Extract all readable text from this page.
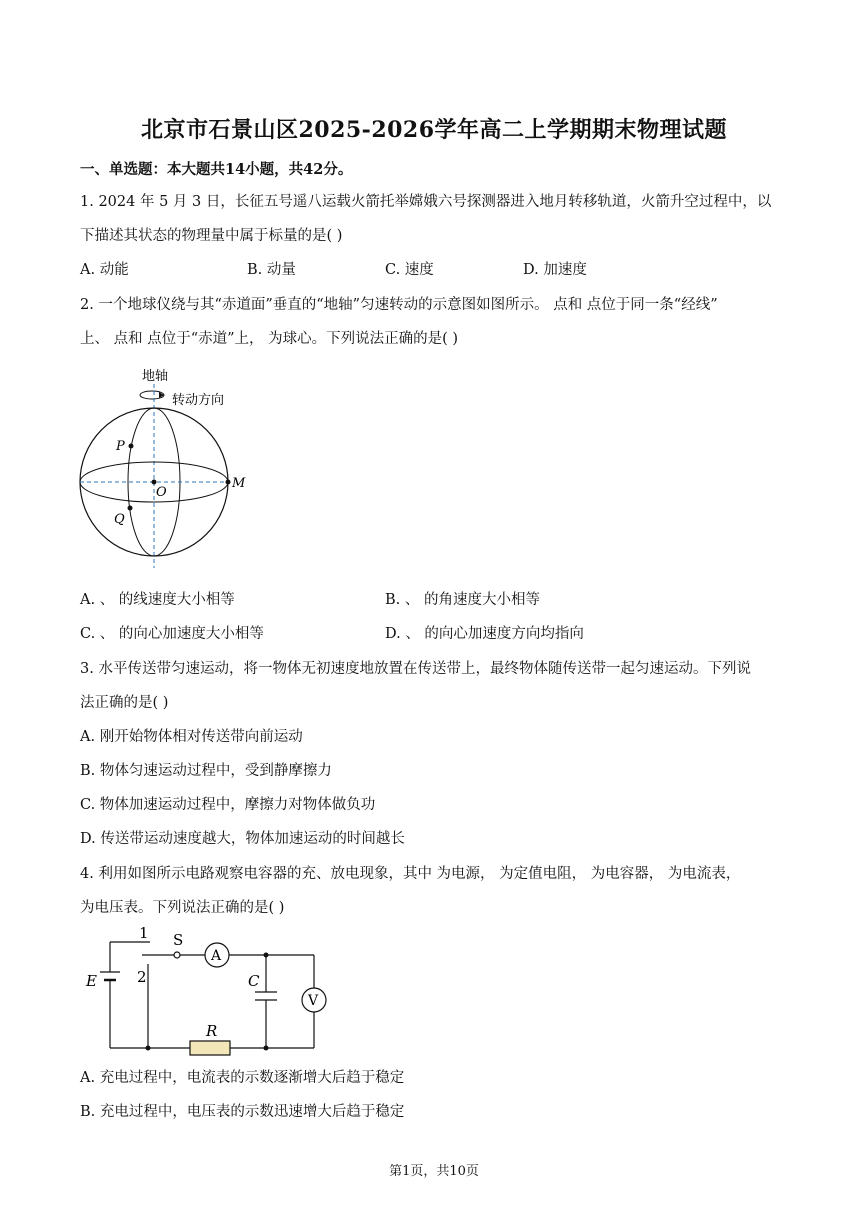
北京市石景山区2025-2026学年高二上学期期末物理试题
一、单选题：本大题共14小题，共42分。
1. 2024 年 5 月 3 日，长征五号遥八运载火箭托举嫦娥六号探测器进入地月转移轨道，火箭升空过程中，以
下描述其状态的物理量中属于标量的是( )
A. 动能	B. 动量	C. 速度	D. 加速度
2. 一个地球仪绕与其“赤道面”垂直的“地轴”匀速转动的示意图如图所示。 点和 点位于同一条“经线”
上、 点和 点位于“赤道”上， 为球心。下列说法正确的是( )
地轴
转动方向
P
O
M
Q
A. 、 的线速度大小相等	B. 、 的角速度大小相等
C. 、 的向心加速度大小相等	D. 、 的向心加速度方向均指向
3. 水平传送带匀速运动，将一物体无初速度地放置在传送带上，最终物体随传送带一起匀速运动。下列说
法正确的是( )
A. 刚开始物体相对传送带向前运动
B. 物体匀速运动过程中，受到静摩擦力
C. 物体加速运动过程中，摩擦力对物体做负功
D. 传送带运动速度越大，物体加速运动的时间越长
4. 利用如图所示电路观察电容器的充、放电现象，其中 为电源， 为定值电阻， 为电容器， 为电流表，
为电压表。下列说法正确的是( )
1
2
S
A
V
E	C
R
A. 充电过程中，电流表的示数逐渐增大后趋于稳定
B. 充电过程中，电压表的示数迅速增大后趋于稳定
第1页，共10页
